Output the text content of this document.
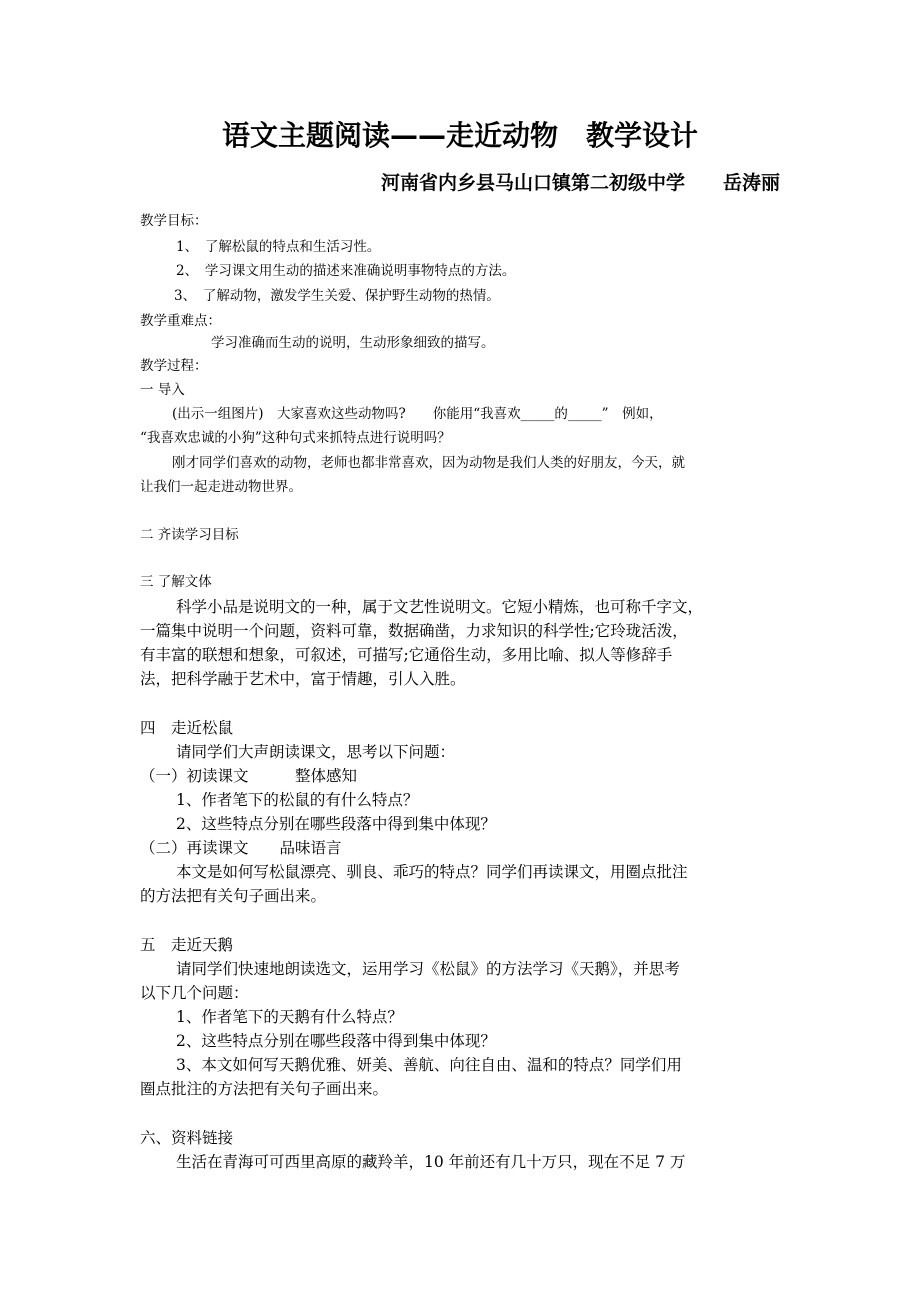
语文主题阅读——走近动物　教学设计
河南省内乡县马山口镇第二初级中学　　岳涛丽
教学目标：
1、　了解松鼠的特点和生活习性。
2、　学习课文用生动的描述来准确说明事物特点的方法。
3、　了解动物，激发学生关爱、保护野生动物的热情。
教学重难点：
学习准确而生动的说明，生动形象细致的描写。
教学过程：
一 导入
(出示一组图片)　大家喜欢这些动物吗?　　你能用“我喜欢_____的_____”　例如，
“我喜欢忠诚的小狗”这种句式来抓特点进行说明吗？
刚才同学们喜欢的动物，老师也都非常喜欢，因为动物是我们人类的好朋友，今天，就
让我们一起走进动物世界。
二 齐读学习目标
三 了解文体
科学小品是说明文的一种，属于文艺性说明文。它短小精炼，也可称千字文，
一篇集中说明一个问题，资料可靠，数据确凿，力求知识的科学性;它玲珑活泼，
有丰富的联想和想象，可叙述，可描写;它通俗生动，多用比喻、拟人等修辞手
法，把科学融于艺术中，富于情趣，引人入胜。
四　走近松鼠
请同学们大声朗读课文，思考以下问题：
（一）初读课文　　　整体感知
1、作者笔下的松鼠的有什么特点？
2、这些特点分别在哪些段落中得到集中体现？
（二）再读课文　　品味语言
本文是如何写松鼠漂亮、驯良、乖巧的特点？同学们再读课文，用圈点批注
的方法把有关句子画出来。
五　走近天鹅
请同学们快速地朗读选文，运用学习《松鼠》的方法学习《天鹅》，并思考
以下几个问题：
1、作者笔下的天鹅有什么特点？
2、这些特点分别在哪些段落中得到集中体现？
3、本文如何写天鹅优雅、妍美、善航、向往自由、温和的特点？同学们用
圈点批注的方法把有关句子画出来。
六、资料链接
生活在青海可可西里高原的藏羚羊，10 年前还有几十万只，现在不足 7 万
